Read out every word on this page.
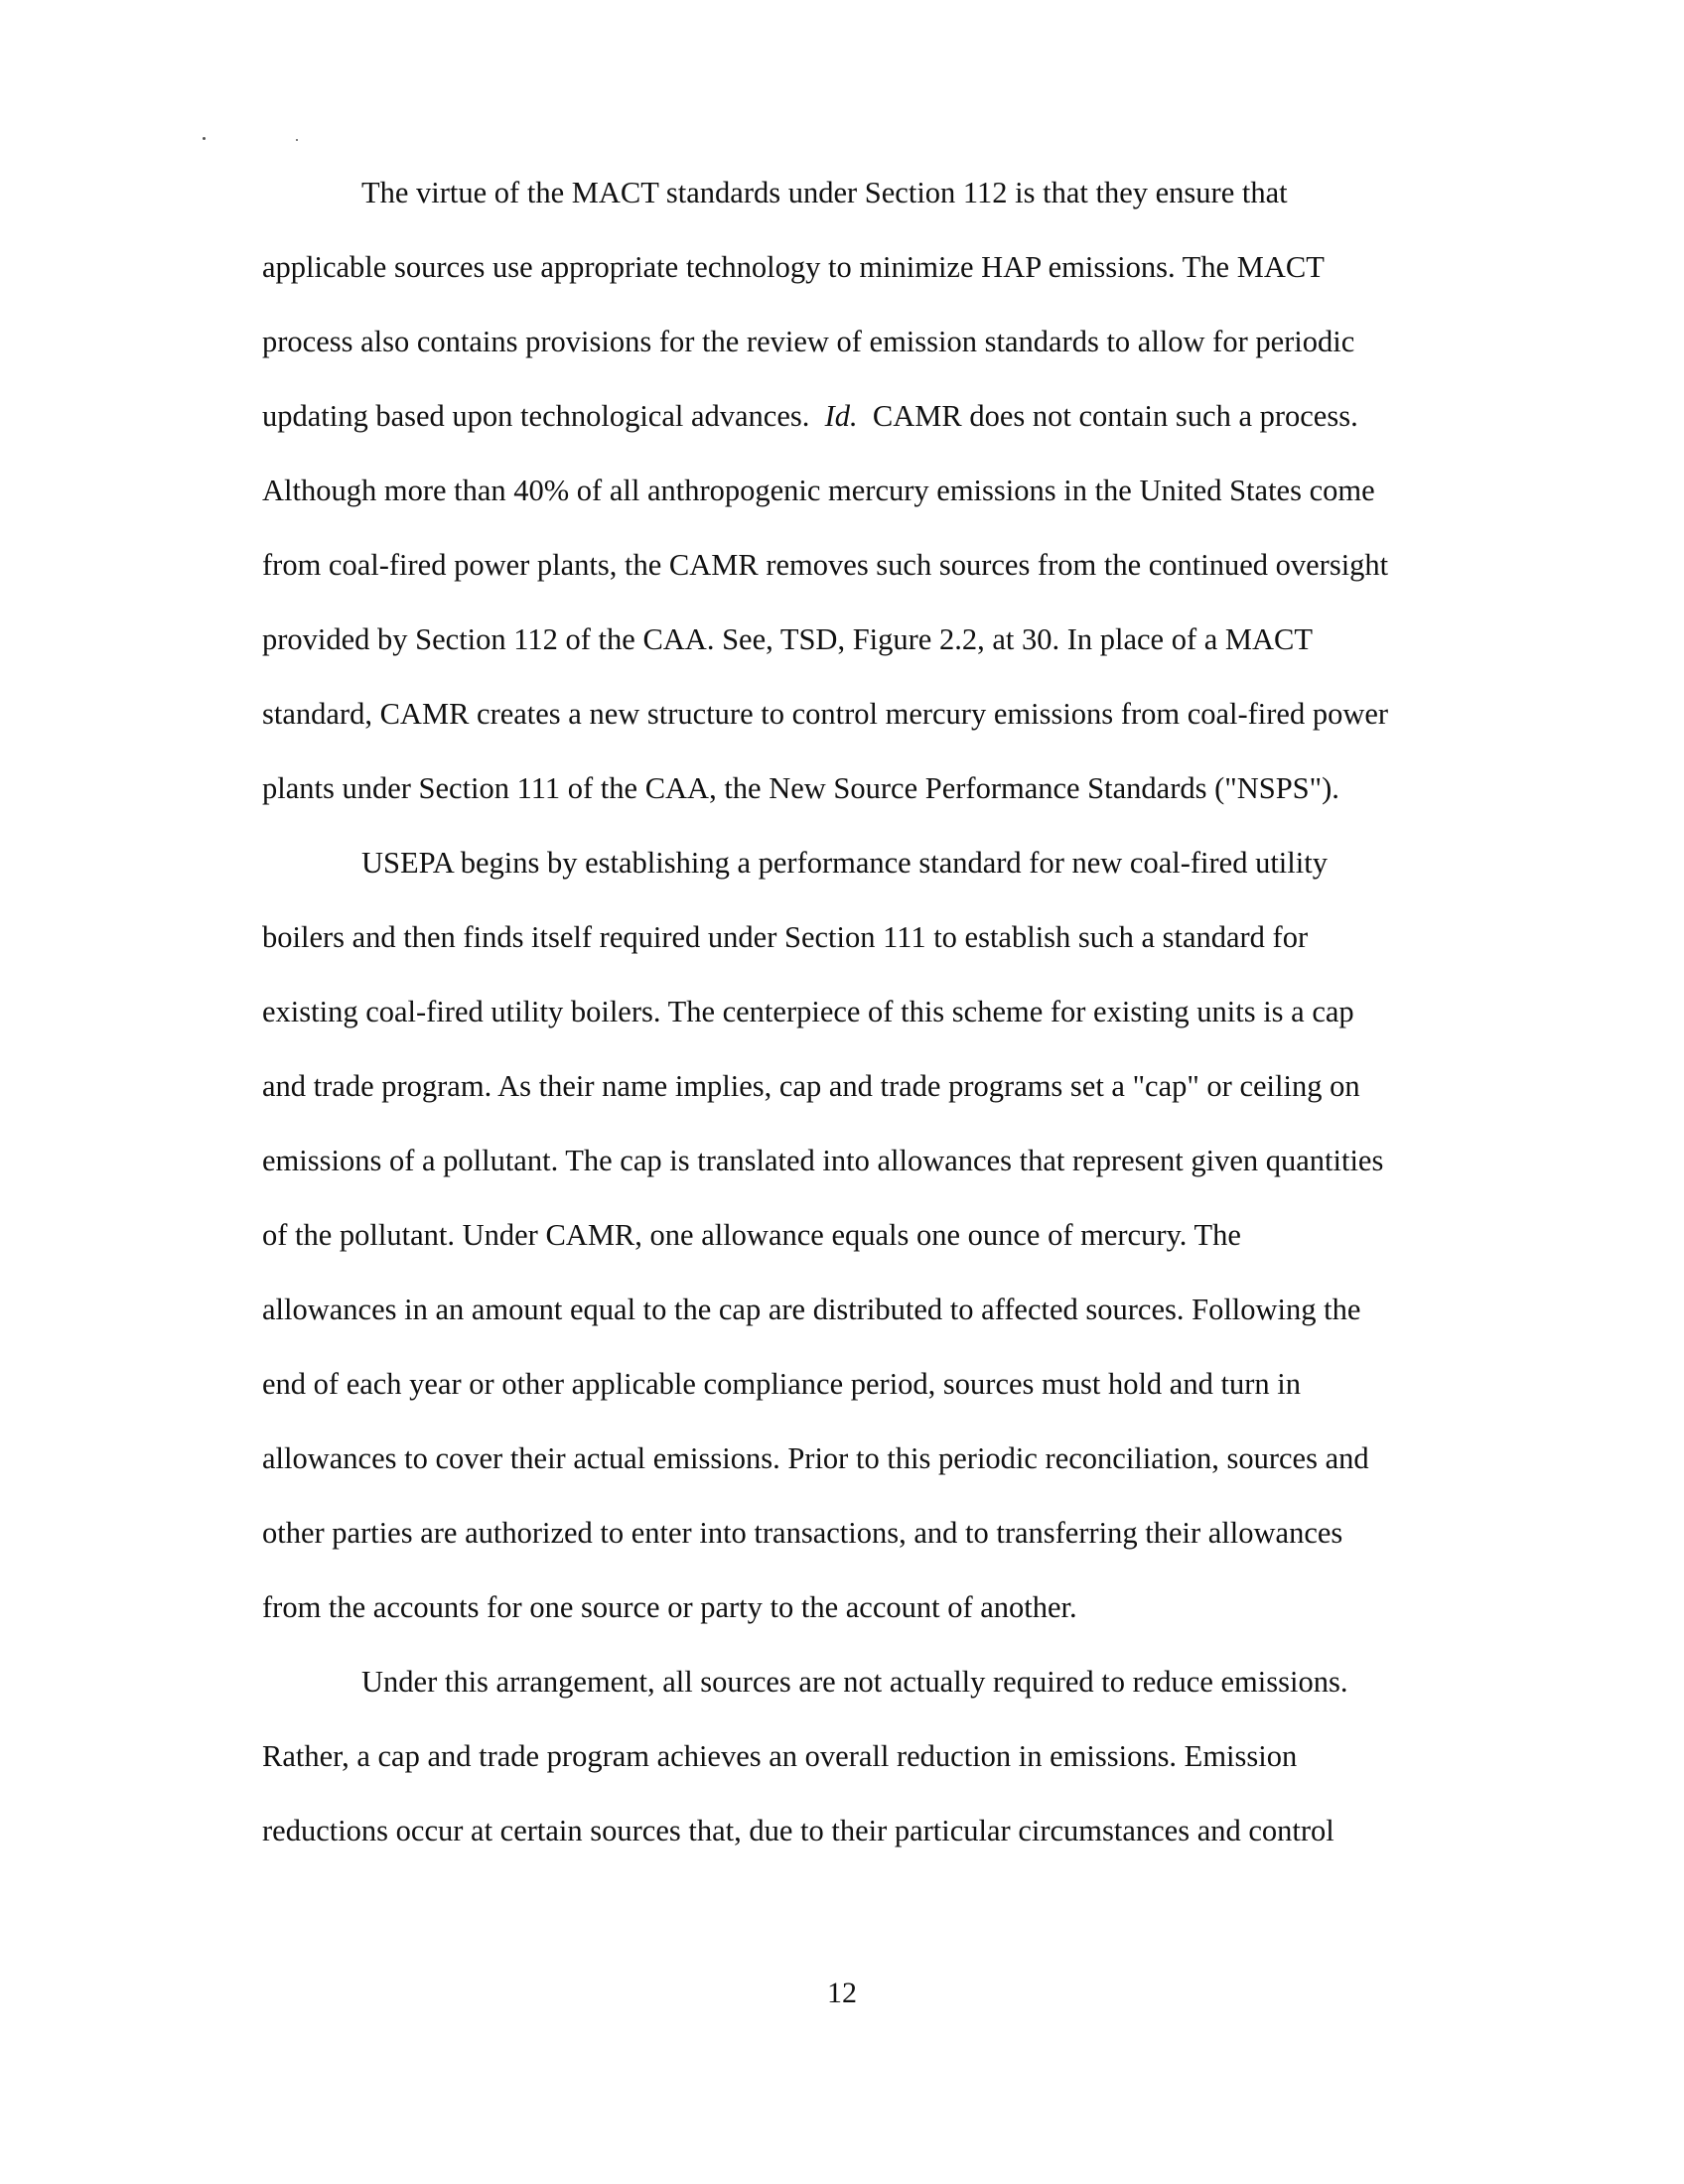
The virtue of the MACT standards under Section 112 is that they ensure that
applicable sources use appropriate technology to minimize HAP emissions. The MACT
process also contains provisions for the review of emission standards to allow for periodic
updating based upon technological advances. Id. CAMR does not contain such a process.
Although more than 40% of all anthropogenic mercury emissions in the United States come
from coal-fired power plants, the CAMR removes such sources from the continued oversight
provided by Section 112 of the CAA. See, TSD, Figure 2.2, at 30. In place of a MACT
standard, CAMR creates a new structure to control mercury emissions from coal-fired power
plants under Section 111 of the CAA, the New Source Performance Standards ("NSPS").
USEPA begins by establishing a performance standard for new coal-fired utility
boilers and then finds itself required under Section 111 to establish such a standard for
existing coal-fired utility boilers. The centerpiece of this scheme for existing units is a cap
and trade program. As their name implies, cap and trade programs set a "cap" or ceiling on
emissions of a pollutant. The cap is translated into allowances that represent given quantities
of the pollutant. Under CAMR, one allowance equals one ounce of mercury. The
allowances in an amount equal to the cap are distributed to affected sources. Following the
end of each year or other applicable compliance period, sources must hold and turn in
allowances to cover their actual emissions. Prior to this periodic reconciliation, sources and
other parties are authorized to enter into transactions, and to transferring their allowances
from the accounts for one source or party to the account of another.
Under this arrangement, all sources are not actually required to reduce emissions.
Rather, a cap and trade program achieves an overall reduction in emissions. Emission
reductions occur at certain sources that, due to their particular circumstances and control
12
